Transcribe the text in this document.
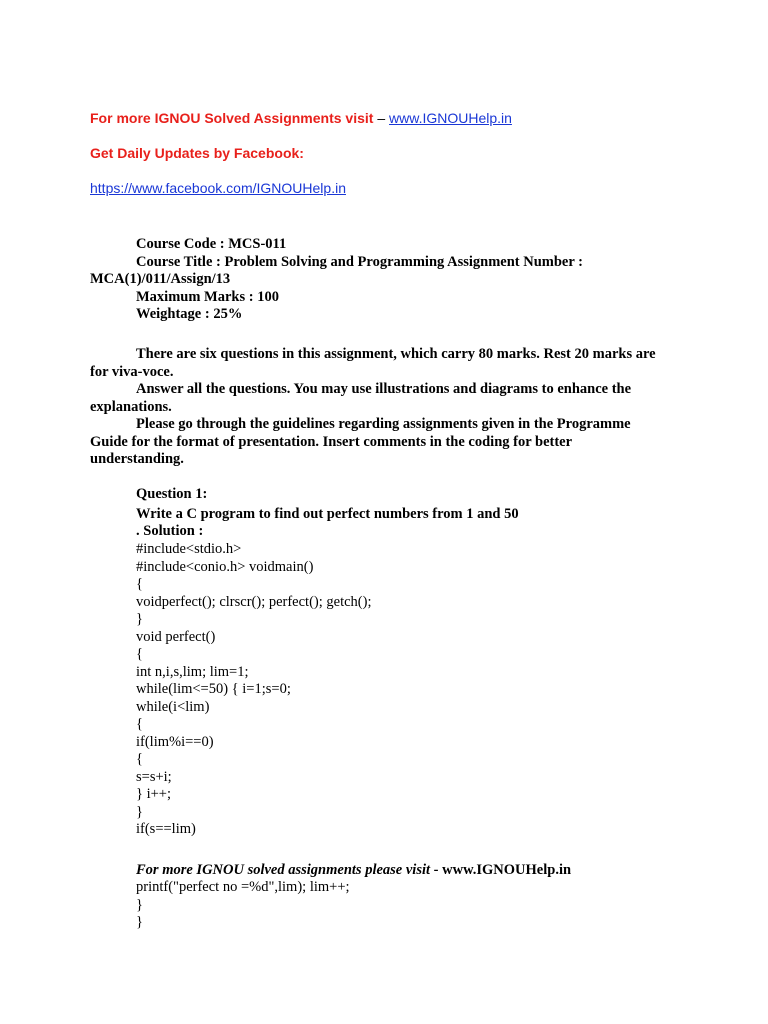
For more IGNOU Solved Assignments visit – www.IGNOUHelp.in
Get Daily Updates by Facebook:
https://www.facebook.com/IGNOUHelp.in
Course Code : MCS-011
Course Title : Problem Solving and Programming Assignment Number :
MCA(1)/011/Assign/13
Maximum Marks : 100
Weightage : 25%
There are six questions in this assignment, which carry 80 marks. Rest 20 marks are for viva-voce.
Answer all the questions. You may use illustrations and diagrams to enhance the explanations.
Please go through the guidelines regarding assignments given in the Programme Guide for the format of presentation. Insert comments in the coding for better understanding.
Question 1:
Write a C program to find out perfect numbers from 1 and 50
. Solution :
#include<stdio.h>
#include<conio.h> voidmain()
{
voidperfect(); clrscr(); perfect(); getch();
}
void perfect()
{
int n,i,s,lim; lim=1;
while(lim<=50) { i=1;s=0;
while(i<lim)
{
if(lim%i==0)
{
s=s+i;
} i++;
}
if(s==lim)
For more IGNOU solved assignments please visit - www.IGNOUHelp.in
printf("perfect no =%d",lim); lim++;
}
}
